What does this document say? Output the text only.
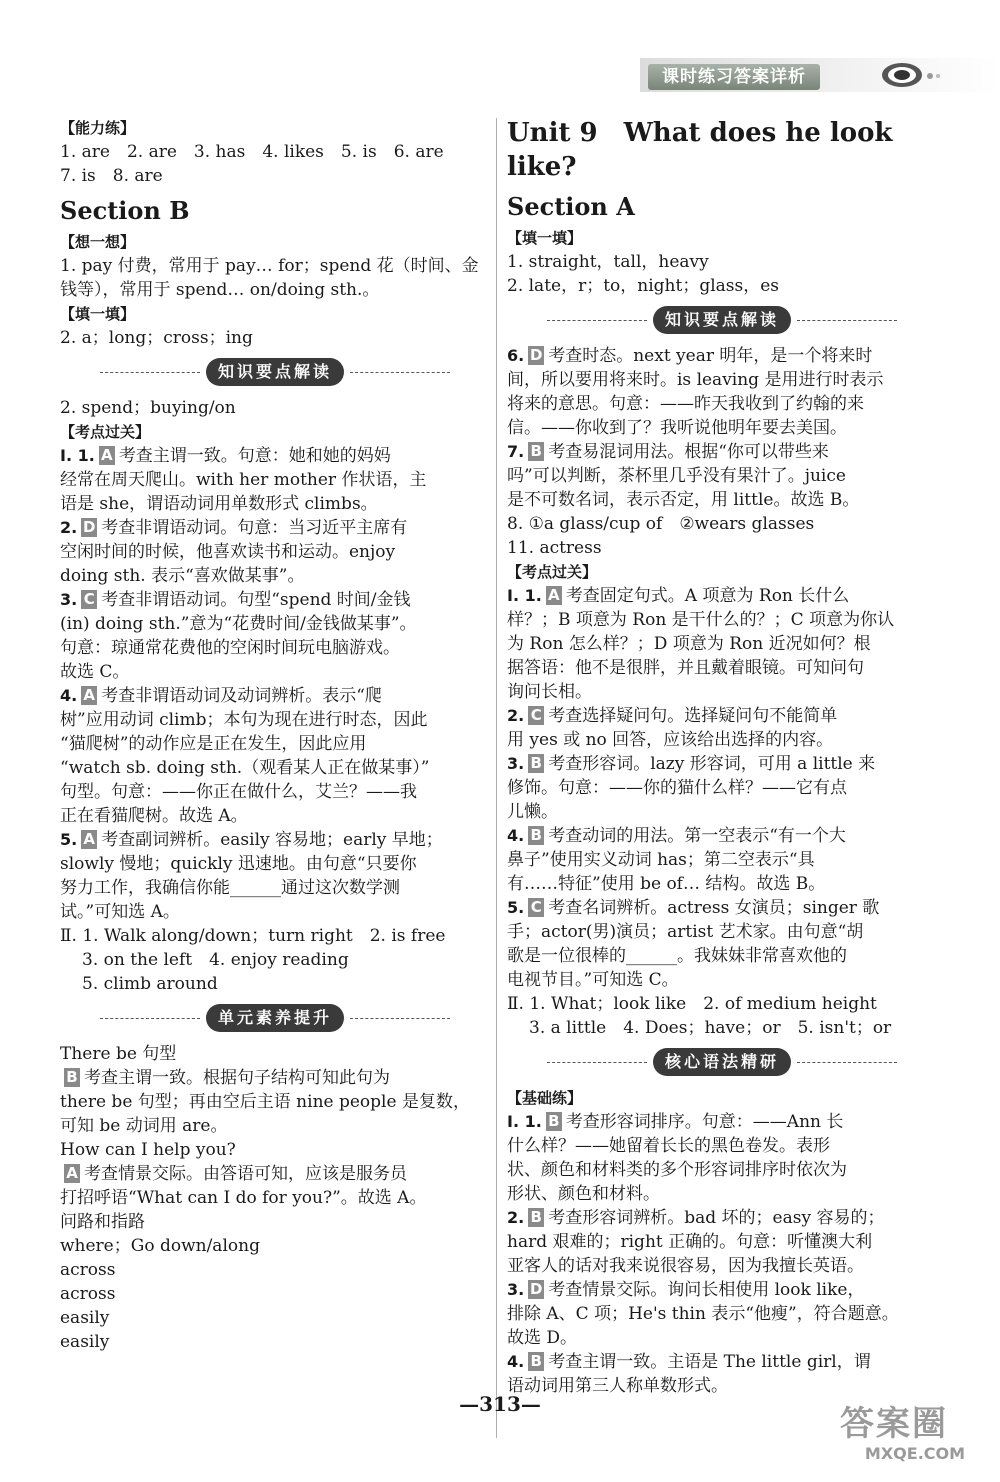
课时练习答案详析
【能力练】
1. are　2. are　3. has　4. likes　5. is　6. are
7. is　8. are
Section B
【想一想】
1. pay 付费，常用于 pay… for；spend 花（时间、金
钱等），常用于 spend… on/doing sth.。
【填一填】
2. a；long；cross；ing
知识要点解读
2. spend；buying/on
【考点过关】
Ⅰ. 1. A 考查主谓一致。句意：她和她的妈妈
经常在周天爬山。with her mother 作状语，主
语是 she，谓语动词用单数形式 climbs。
2. D 考查非谓语动词。句意：当习近平主席有
空闲时间的时候，他喜欢读书和运动。enjoy
doing sth. 表示“喜欢做某事”。
3. C 考查非谓语动词。句型“spend 时间/金钱
(in) doing sth.”意为“花费时间/金钱做某事”。
句意：琼通常花费他的空闲时间玩电脑游戏。
故选 C。
4. A 考查非谓语动词及动词辨析。表示“爬
树”应用动词 climb；本句为现在进行时态，因此
“猫爬树”的动作应是正在发生，因此应用
“watch sb. doing sth.（观看某人正在做某事）”
句型。句意：——你正在做什么，艾兰？——我
正在看猫爬树。故选 A。
5. A 考查副词辨析。easily 容易地；early 早地；
slowly 慢地；quickly 迅速地。由句意“只要你
努力工作，我确信你能______通过这次数学测
试。”可知选 A。
Ⅱ. 1. Walk along/down；turn right　2. is free
3. on the left　4. enjoy reading
5. climb around
单元素养提升
There be 句型
B 考查主谓一致。根据句子结构可知此句为
there be 句型；再由空后主语 nine people 是复数，
可知 be 动词用 are。
How can I help you?
A 考查情景交际。由答语可知，应该是服务员
打招呼语“What can I do for you?”。故选 A。
问路和指路
where；Go down/along
across
across
easily
easily
Unit 9　What does he look like?
Section A
【填一填】
1. straight，tall，heavy
2. late，r；to，night；glass，es
知识要点解读
6. D 考查时态。next year 明年，是一个将来时
间，所以要用将来时。is leaving 是用进行时表示
将来的意思。句意：——昨天我收到了约翰的来
信。——你收到了？我听说他明年要去美国。
7. B 考查易混词用法。根据“你可以带些来
吗”可以判断，茶杯里几乎没有果汁了。juice
是不可数名词，表示否定，用 little。故选 B。
8. ①a glass/cup of　②wears glasses
11. actress
【考点过关】
Ⅰ. 1. A 考查固定句式。A 项意为 Ron 长什么
样？；B 项意为 Ron 是干什么的？；C 项意为你认
为 Ron 怎么样？；D 项意为 Ron 近况如何？根
据答语：他不是很胖，并且戴着眼镜。可知问句
询问长相。
2. C 考查选择疑问句。选择疑问句不能简单
用 yes 或 no 回答，应该给出选择的内容。
3. B 考查形容词。lazy 形容词，可用 a little 来
修饰。句意：——你的猫什么样？——它有点
儿懒。
4. B 考查动词的用法。第一空表示“有一个大
鼻子”使用实义动词 has；第二空表示“具
有……特征”使用 be of… 结构。故选 B。
5. C 考查名词辨析。actress 女演员；singer 歌
手；actor(男)演员；artist 艺术家。由句意“胡
歌是一位很棒的______。我妹妹非常喜欢他的
电视节目。”可知选 C。
Ⅱ. 1. What；look like　2. of medium height
3. a little　4. Does；have；or　5. isn't；or
核心语法精研
【基础练】
Ⅰ. 1. B 考查形容词排序。句意：——Ann 长
什么样？——她留着长长的黑色卷发。表形
状、颜色和材料类的多个形容词排序时依次为
形状、颜色和材料。
2. B 考查形容词辨析。bad 坏的；easy 容易的；
hard 艰难的；right 正确的。句意：听懂澳大利
亚客人的话对我来说很容易，因为我擅长英语。
3. D 考查情景交际。询问长相使用 look like，
排除 A、C 项；He's thin 表示“他瘦”，符合题意。
故选 D。
4. B 考查主谓一致。主语是 The little girl，谓
语动词用第三人称单数形式。
—313—	答案圈
MXQE.COM
